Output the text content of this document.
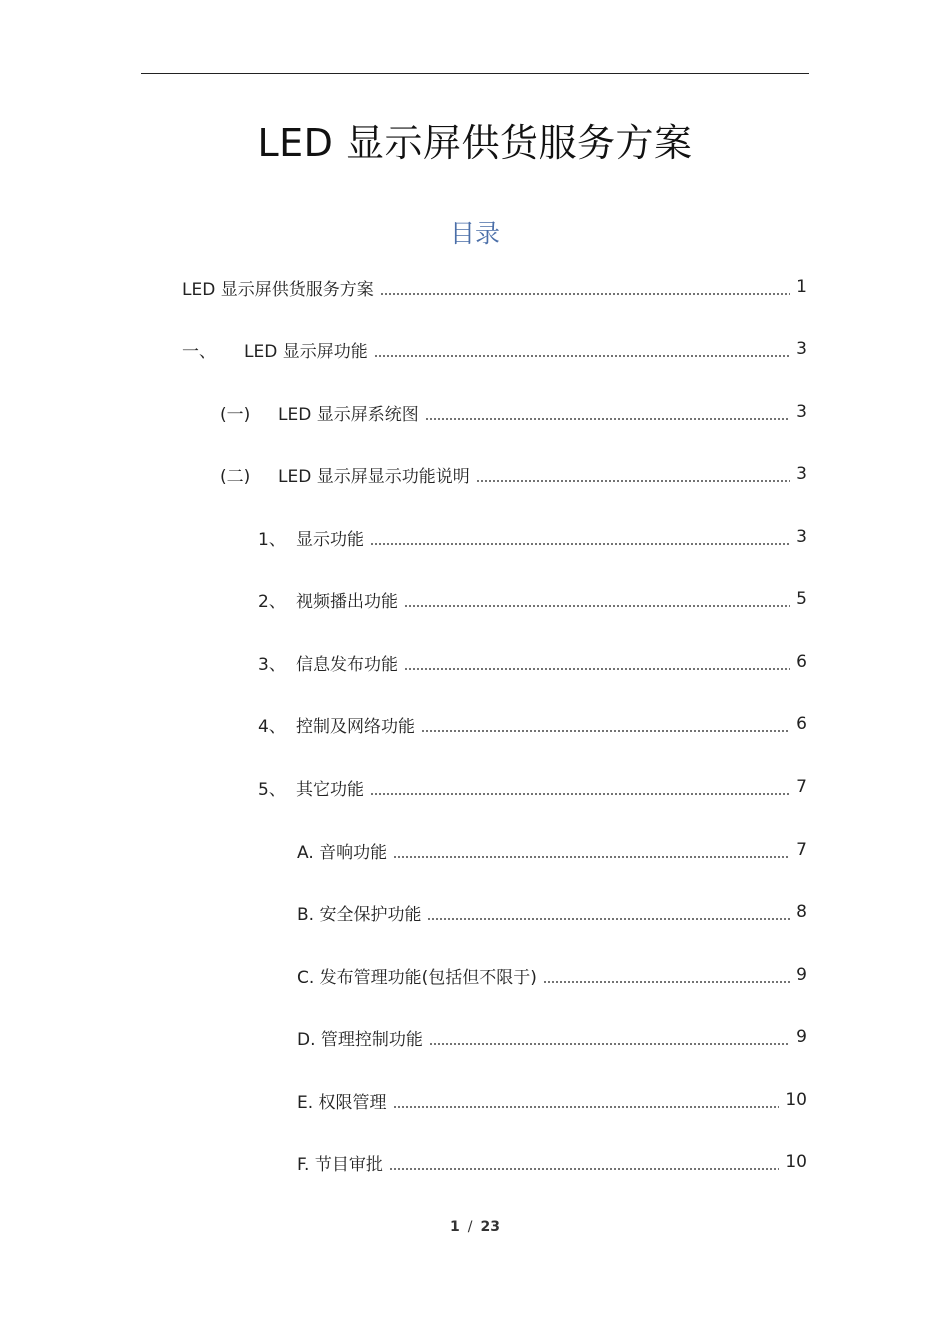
LED 显示屏供货服务方案
目录
LED 显示屏供货服务方案	1
一、	LED 显示屏功能	3
(一)	LED 显示屏系统图	3
(二)	LED 显示屏显示功能说明	3
1、 显示功能	3
2、 视频播出功能	5
3、 信息发布功能	6
4、 控制及网络功能	6
5、 其它功能	7
A. 音响功能	7
B. 安全保护功能	8
C. 发布管理功能(包括但不限于)	9
D. 管理控制功能	9
E. 权限管理	10
F. 节目审批	10
1 / 23
